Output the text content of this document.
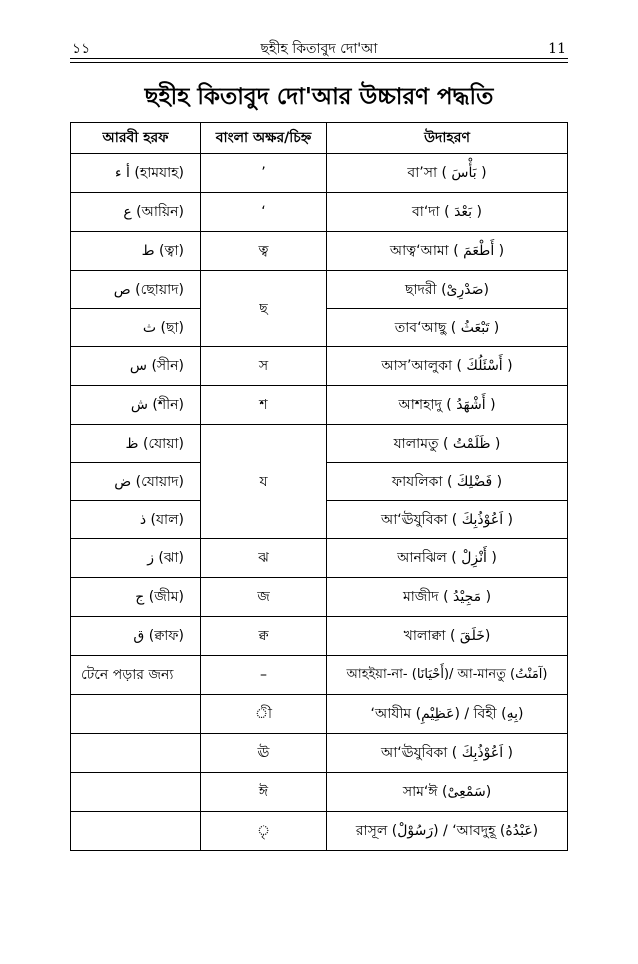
১১	ছহীহ কিতাবুদ দো'আ	11
ছহীহ কিতাবুদ দো'আর উচ্চারণ পদ্ধতি
আরবী হরফ	বাংলা অক্ষর/চিহ্ন	উদাহরণ
أ ء (হামযাহ)	’	বা’সা ( بَأْسَ )
ع (আয়িন)	‘	বা‘দা ( بَعْدَ )
ط (ত্বা)	ত্ব	আত্ব‘আমা ( أَطْعَمَ )
ص (ছোয়াদ)	ছ	ছাদরী (صَدْرِىْ)
ث (ছা)		তাব‘আছু ( تَبْعَثُ )
س (সীন)	স	আস’আলুকা ( أَسْئَلُكَ )
ش (শীন)	শ	আশহাদু ( أَشْهَدُ )
ظ (যোয়া)	য	যালামতু ( ظَلَمْتُ )
ض (যোয়াদ)		ফাযলিকা ( فَضْلِكَ )
ذ (যাল)		আ‘ঊযুবিকা ( اَعُوْذُبِكَ )
ز (ঝা)	ঝ	আনঝিল ( أَنْزِلْ )
ج (জীম)	জ	মাজীদ ( مَجِيْدُ )
ق (ক্বাফ)	ক্ব	খালাক্বা ( خَلَقَ)
টেনে পড়ার জন্য	–	আহইয়া-না- (أَحْيَانَا)/ আ-মানতু (آمَنْتُ)
	ী	‘আযীম (عَظِيْمِ) / বিহী (بِهِ)
	ঊ	আ‘ঊযুবিকা ( اَعُوْذُبِكَ )
	ঈ	সাম‘ঈ (سَمْعِىْ)
	ৃ	রাসূল (رَسُوْلْ) / ‘আবদুহূ (عَبْدُهُ)
